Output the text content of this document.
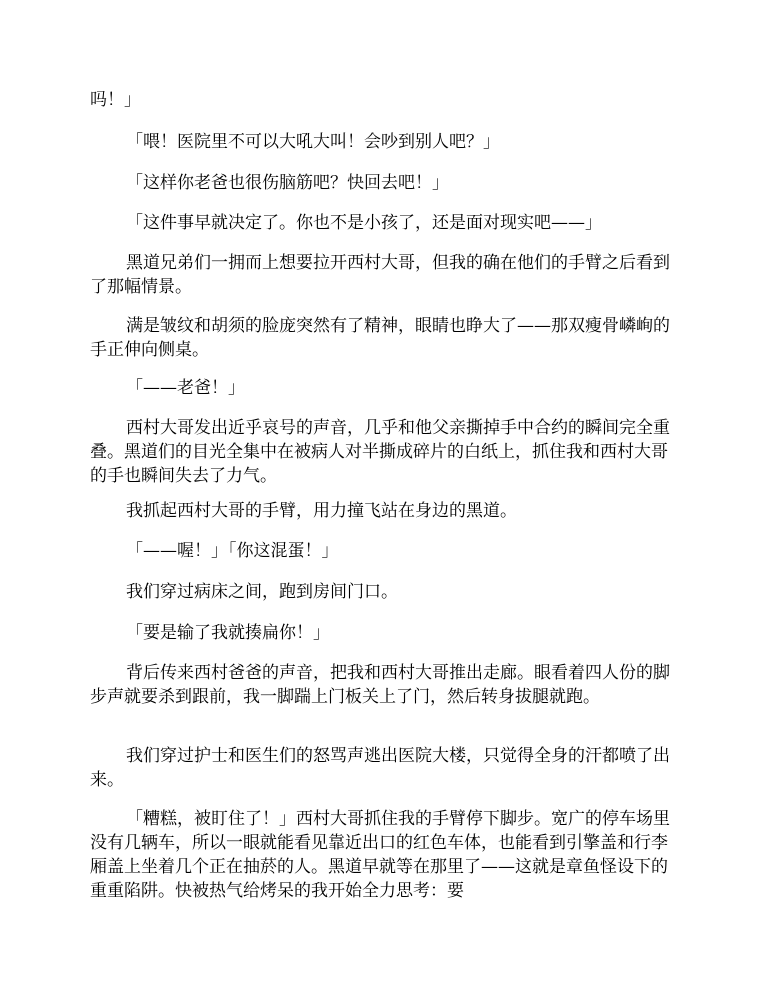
吗！」

「喂！医院里不可以大吼大叫！会吵到别人吧？」

「这样你老爸也很伤脑筋吧？快回去吧！」

「这件事早就决定了。你也不是小孩了，还是面对现实吧——」

黑道兄弟们一拥而上想要拉开西村大哥，但我的确在他们的手臂之后看到了那幅情景。

满是皱纹和胡须的脸庞突然有了精神，眼睛也睁大了——那双瘦骨嶙峋的手正伸向侧桌。

「——老爸！」

西村大哥发出近乎哀号的声音，几乎和他父亲撕掉手中合约的瞬间完全重叠。黑道们的目光全集中在被病人对半撕成碎片的白纸上，抓住我和西村大哥的手也瞬间失去了力气。

我抓起西村大哥的手臂，用力撞飞站在身边的黑道。

「——喔！」「你这混蛋！」

我们穿过病床之间，跑到房间门口。

「要是输了我就揍扁你！」

背后传来西村爸爸的声音，把我和西村大哥推出走廊。眼看着四人份的脚步声就要杀到跟前，我一脚踹上门板关上了门，然后转身拔腿就跑。

我们穿过护士和医生们的怒骂声逃出医院大楼，只觉得全身的汗都喷了出来。

「糟糕，被盯住了！」西村大哥抓住我的手臂停下脚步。宽广的停车场里没有几辆车，所以一眼就能看见靠近出口的红色车体，也能看到引擎盖和行李厢盖上坐着几个正在抽菸的人。黑道早就等在那里了——这就是章鱼怪设下的重重陷阱。快被热气给烤呆的我开始全力思考：要
